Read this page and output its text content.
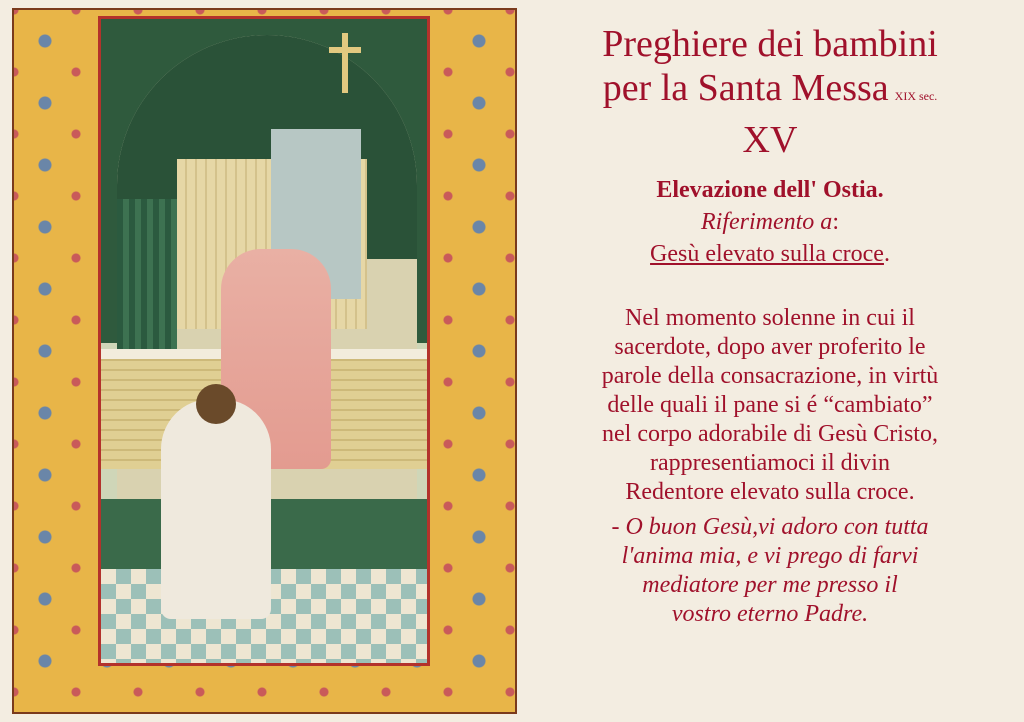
Preghiere dei bambini

per la Santa Messa XIX sec.

XV

Elevazione dell' Ostia.

Riferimento a:

Gesù elevato sulla croce.

Nel momento solenne in cui il
sacerdote, dopo aver proferito le
parole della consacrazione, in virtù
delle quali il pane si é “cambiato”
nel corpo adorabile di Gesù Cristo,
rappresentiamoci il divin
Redentore elevato sulla croce.
- O buon Gesù,vi adoro con tutta
l'anima mia, e vi prego di farvi
mediatore per me presso il
vostro eterno Padre.
